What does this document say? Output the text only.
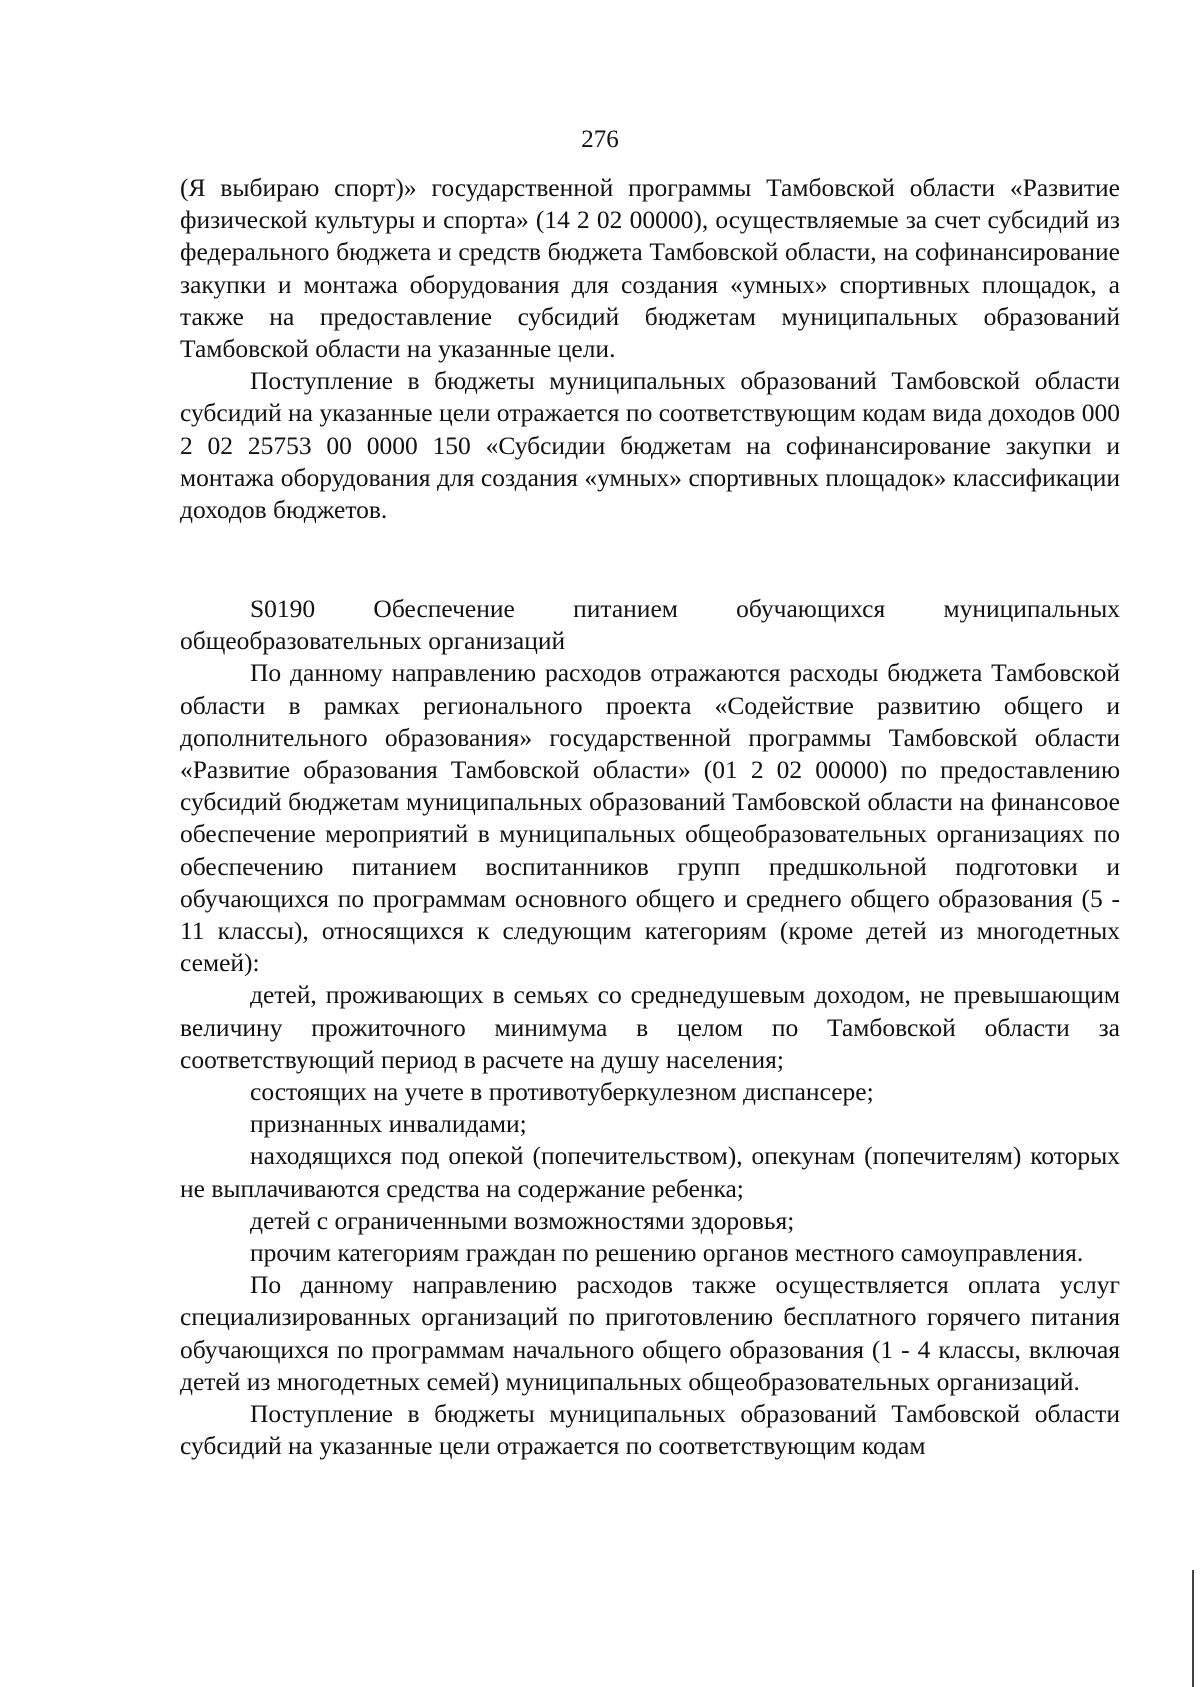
276

(Я выбираю спорт)» государственной программы Тамбовской области «Развитие физической культуры и спорта» (14 2 02 00000), осуществляемые за счет субсидий из федерального бюджета и средств бюджета Тамбовской области, на софинансирование закупки и монтажа оборудования для создания «умных» спортивных площадок, а также на предоставление субсидий бюджетам муниципальных образований Тамбовской области на указанные цели.

Поступление в бюджеты муниципальных образований Тамбовской области субсидий на указанные цели отражается по соответствующим кодам вида доходов 000 2 02 25753 00 0000 150 «Субсидии бюджетам на софинансирование закупки и монтажа оборудования для создания «умных» спортивных площадок» классификации доходов бюджетов.

S0190 Обеспечение питанием обучающихся муниципальных общеобразовательных организаций

По данному направлению расходов отражаются расходы бюджета Тамбовской области в рамках регионального проекта «Содействие развитию общего и дополнительного образования» государственной программы Тамбовской области «Развитие образования Тамбовской области» (01 2 02 00000) по предоставлению субсидий бюджетам муниципальных образований Тамбовской области на финансовое обеспечение мероприятий в муниципальных общеобразовательных организациях по обеспечению питанием воспитанников групп предшкольной подготовки и обучающихся по программам основного общего и среднего общего образования (5 - 11 классы), относящихся к следующим категориям (кроме детей из многодетных семей):

детей, проживающих в семьях со среднедушевым доходом, не превышающим величину прожиточного минимума в целом по Тамбовской области за соответствующий период в расчете на душу населения;

состоящих на учете в противотуберкулезном диспансере;

признанных инвалидами;

находящихся под опекой (попечительством), опекунам (попечителям) которых не выплачиваются средства на содержание ребенка;

детей с ограниченными возможностями здоровья;

прочим категориям граждан по решению органов местного самоуправления.

По данному направлению расходов также осуществляется оплата услуг специализированных организаций по приготовлению бесплатного горячего питания обучающихся по программам начального общего образования (1 - 4 классы, включая детей из многодетных семей) муниципальных общеобразовательных организаций.

Поступление в бюджеты муниципальных образований Тамбовской области субсидий на указанные цели отражается по соответствующим кодам
